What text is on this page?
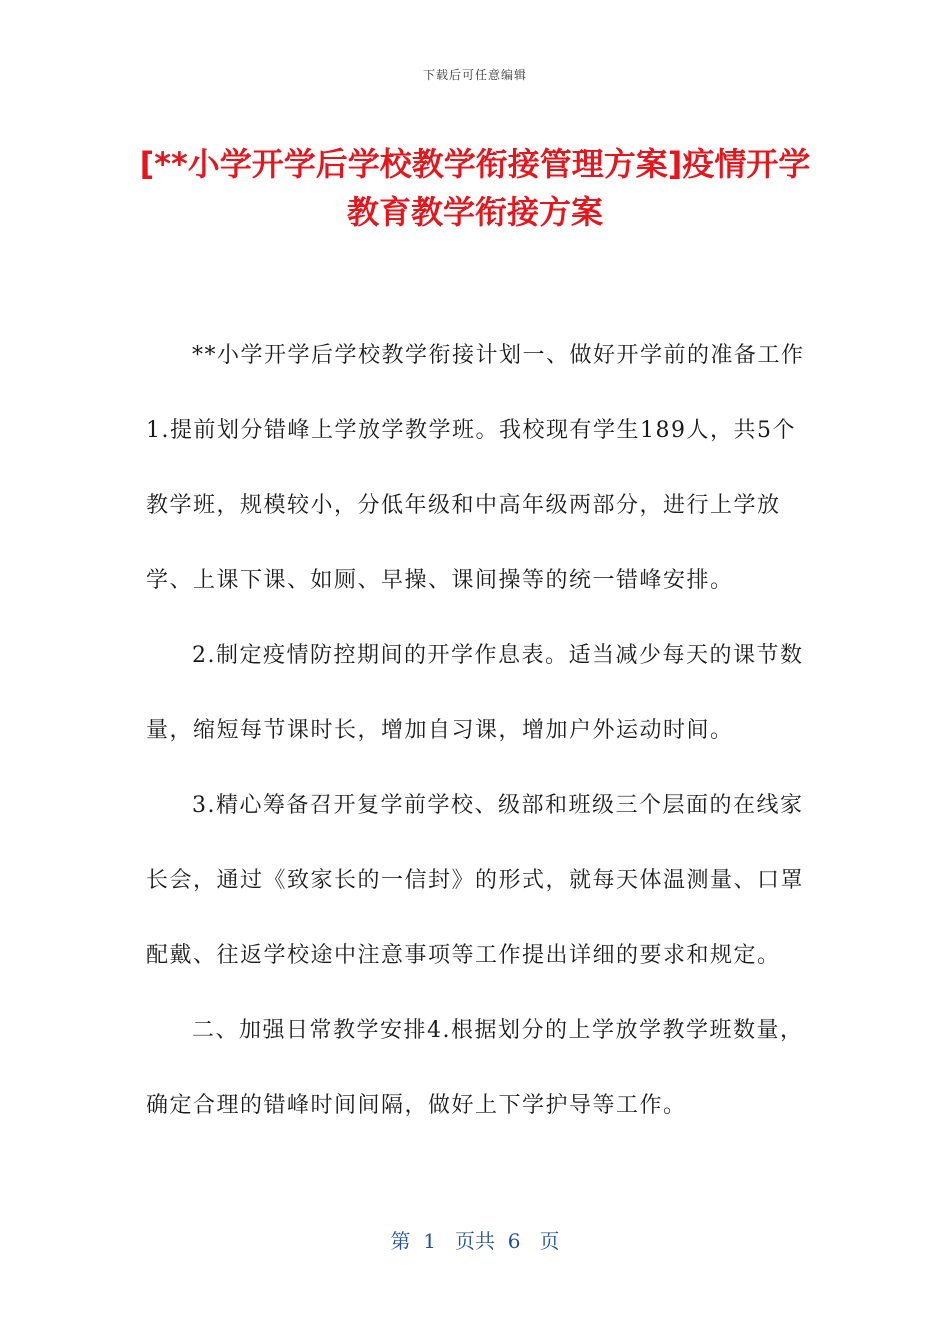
下载后可任意编辑
[**小学开学后学校教学衔接管理方案]疫情开学教育教学衔接方案

**小学开学后学校教学衔接计划一、做好开学前的准备工作1.提前划分错峰上学放学教学班。我校现有学生189人，共5个教学班，规模较小，分低年级和中高年级两部分，进行上学放学、上课下课、如厕、早操、课间操等的统一错峰安排。

2.制定疫情防控期间的开学作息表。适当减少每天的课节数量，缩短每节课时长，增加自习课，增加户外运动时间。

3.精心筹备召开复学前学校、级部和班级三个层面的在线家长会，通过《致家长的一信封》的形式，就每天体温测量、口罩配戴、往返学校途中注意事项等工作提出详细的要求和规定。

二、加强日常教学安排4.根据划分的上学放学教学班数量，确定合理的错峰时间间隔，做好上下学护导等工作。

第  1   页共  6   页
